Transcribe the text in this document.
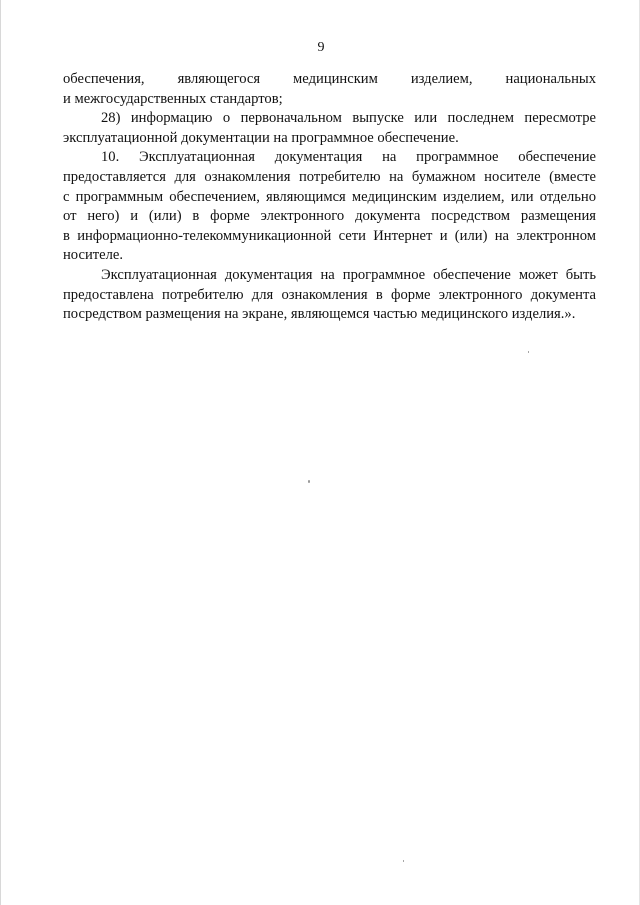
9
обеспечения, являющегося медицинским изделием, национальных
и межгосударственных стандартов;
28) информацию о первоначальном выпуске или последнем пересмотре
эксплуатационной документации на программное обеспечение.
10. Эксплуатационная документация на программное обеспечение
предоставляется для ознакомления потребителю на бумажном носителе (вместе
с программным обеспечением, являющимся медицинским изделием, или отдельно
от него) и (или) в форме электронного документа посредством размещения
в информационно-телекоммуникационной сети Интернет и (или) на электронном
носителе.
Эксплуатационная документация на программное обеспечение может быть
предоставлена потребителю для ознакомления в форме электронного документа
посредством размещения на экране, являющемся частью медицинского изделия.».
